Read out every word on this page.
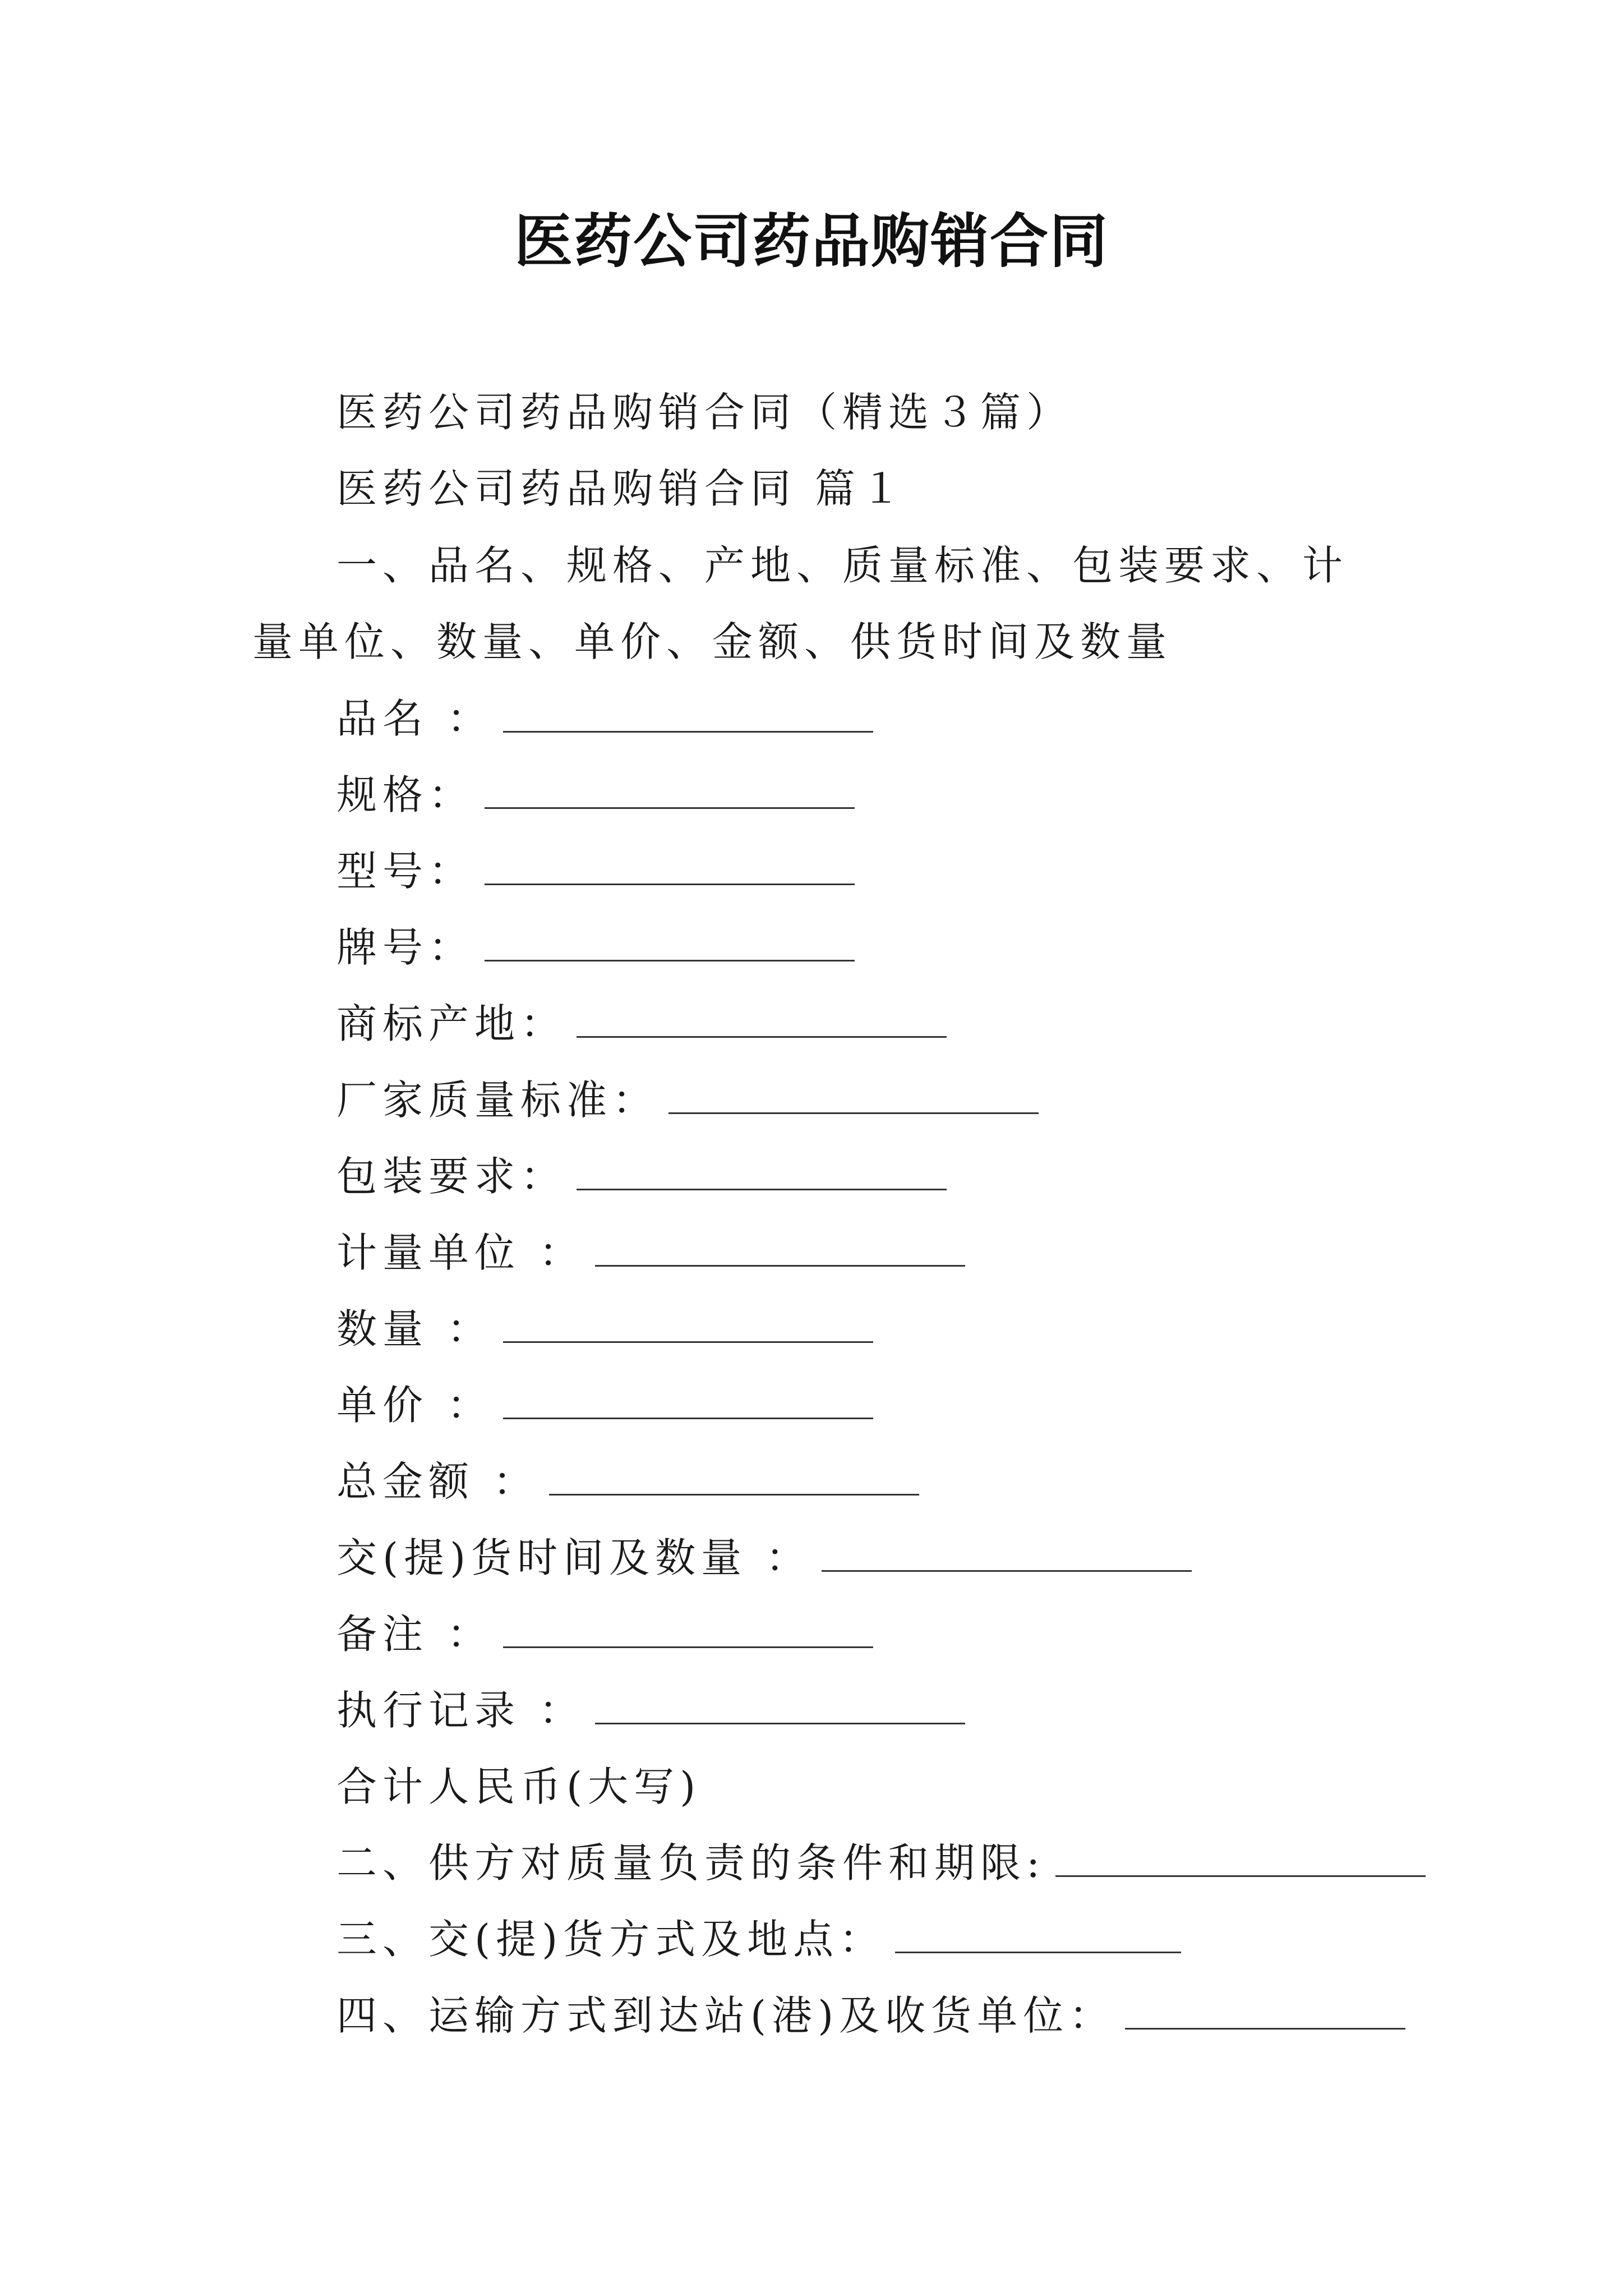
医药公司药品购销合同
医药公司药品购销合同（精选３篇）
医药公司药品购销合同 篇１
一、品名、规格、产地、质量标准、包装要求、计量单位、数量、单价、金额、供货时间及数量
品名 ：
规格：
型号：
牌号：
商标产地：
厂家质量标准：
包装要求：
计量单位 ：
数量 ：
单价 ：
总金额 ：
交(提)货时间及数量 ：
备注 ：
执行记录 ：
合计人民币(大写)
二、供方对质量负责的条件和期限:
三、交(提)货方式及地点：
四、运输方式到达站(港)及收货单位：
